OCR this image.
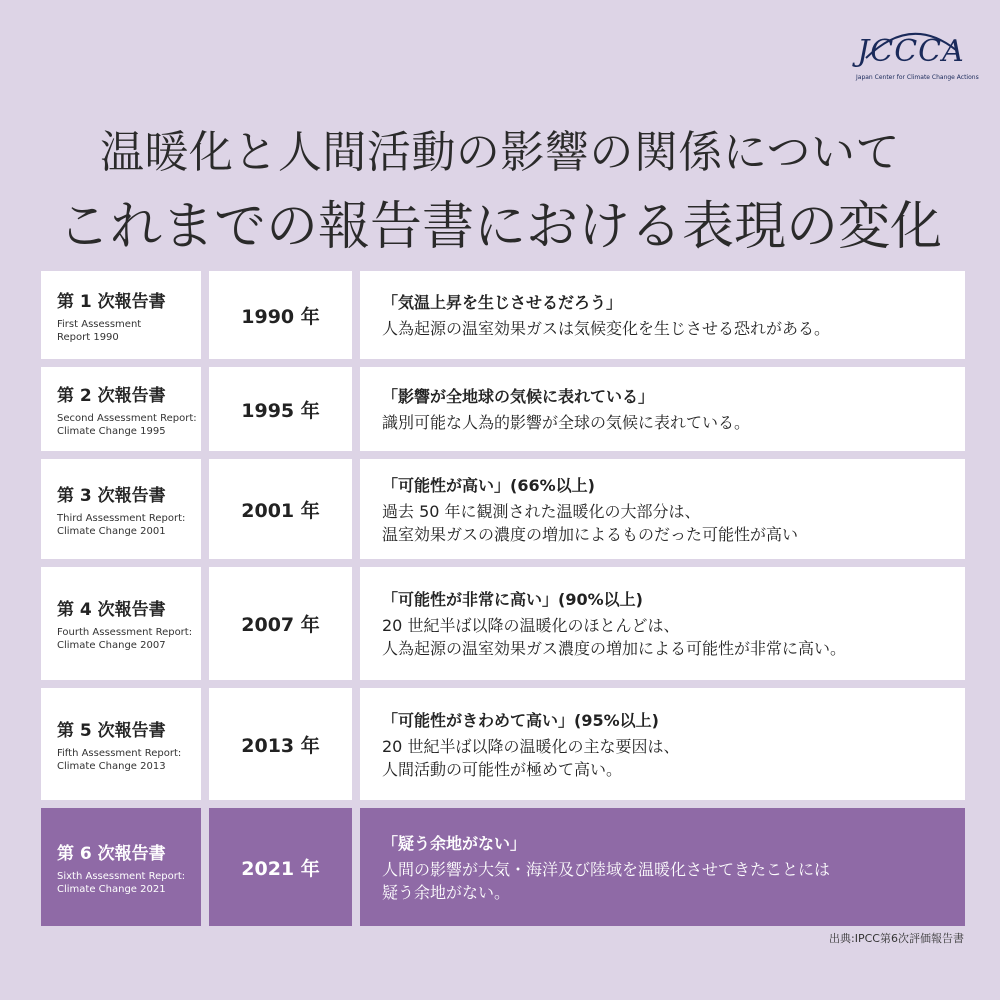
JCCCA
Japan Center for Climate Change Actions
温暖化と人間活動の影響の関係について
これまでの報告書における表現の変化
第 1 次報告書
First Assessment
Report 1990
1990 年
「気温上昇を生じさせるだろう」
人為起源の温室効果ガスは気候変化を生じさせる恐れがある。
第 2 次報告書
Second Assessment Report:
Climate Change 1995
1995 年
「影響が全地球の気候に表れている」
識別可能な人為的影響が全球の気候に表れている。
第 3 次報告書
Third Assessment Report:
Climate Change 2001
2001 年
「可能性が高い」(66%以上)
過去 50 年に観測された温暖化の大部分は、
温室効果ガスの濃度の増加によるものだった可能性が高い
第 4 次報告書
Fourth Assessment Report:
Climate Change 2007
2007 年
「可能性が非常に高い」(90%以上)
20 世紀半ば以降の温暖化のほとんどは、
人為起源の温室効果ガス濃度の増加による可能性が非常に高い。
第 5 次報告書
Fifth Assessment Report:
Climate Change 2013
2013 年
「可能性がきわめて高い」(95%以上)
20 世紀半ば以降の温暖化の主な要因は、
人間活動の可能性が極めて高い。
第 6 次報告書
Sixth Assessment Report:
Climate Change 2021
2021 年
「疑う余地がない」
人間の影響が大気・海洋及び陸域を温暖化させてきたことには
疑う余地がない。
出典:IPCC第6次評価報告書
